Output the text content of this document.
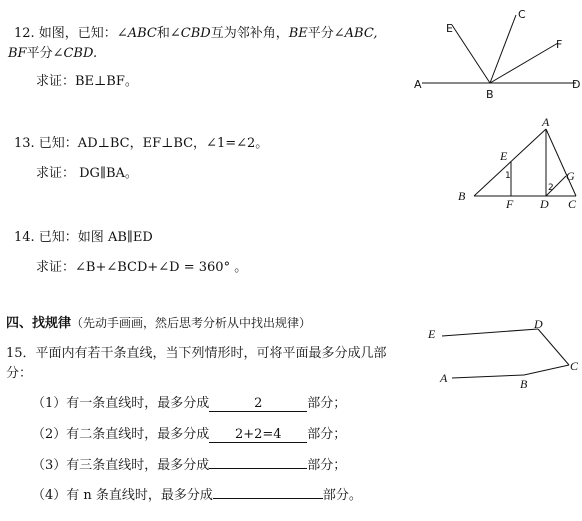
12. 如图，已知：∠ABC和∠CBD互为邻补角，BE平分∠ABC,
BF平分∠CBD.
求证：BE⊥BF。	A
B
C
D
E
F
13. 已知：AD⊥BC，EF⊥BC，∠1=∠2。
求证： DG∥BA。
A
B
C
D
E
F
G
1
2
14. 已知：如图 AB∥ED
求证：∠B+∠BCD+∠D = 360° 。
四、找规律（先动手画画，然后思考分析从中找出规律）
15．平面内有若干条直线，当下列情形时，可将平面最多分成几部
分：
（1）有一条直线时，最多分成	2	部分；
（2）有二条直线时，最多分成 2+2=4 部分；
（3）有三条直线时，最多分成	部分；
（4）有 n 条直线时，最多分成	部分。
E
D
C
B
A
